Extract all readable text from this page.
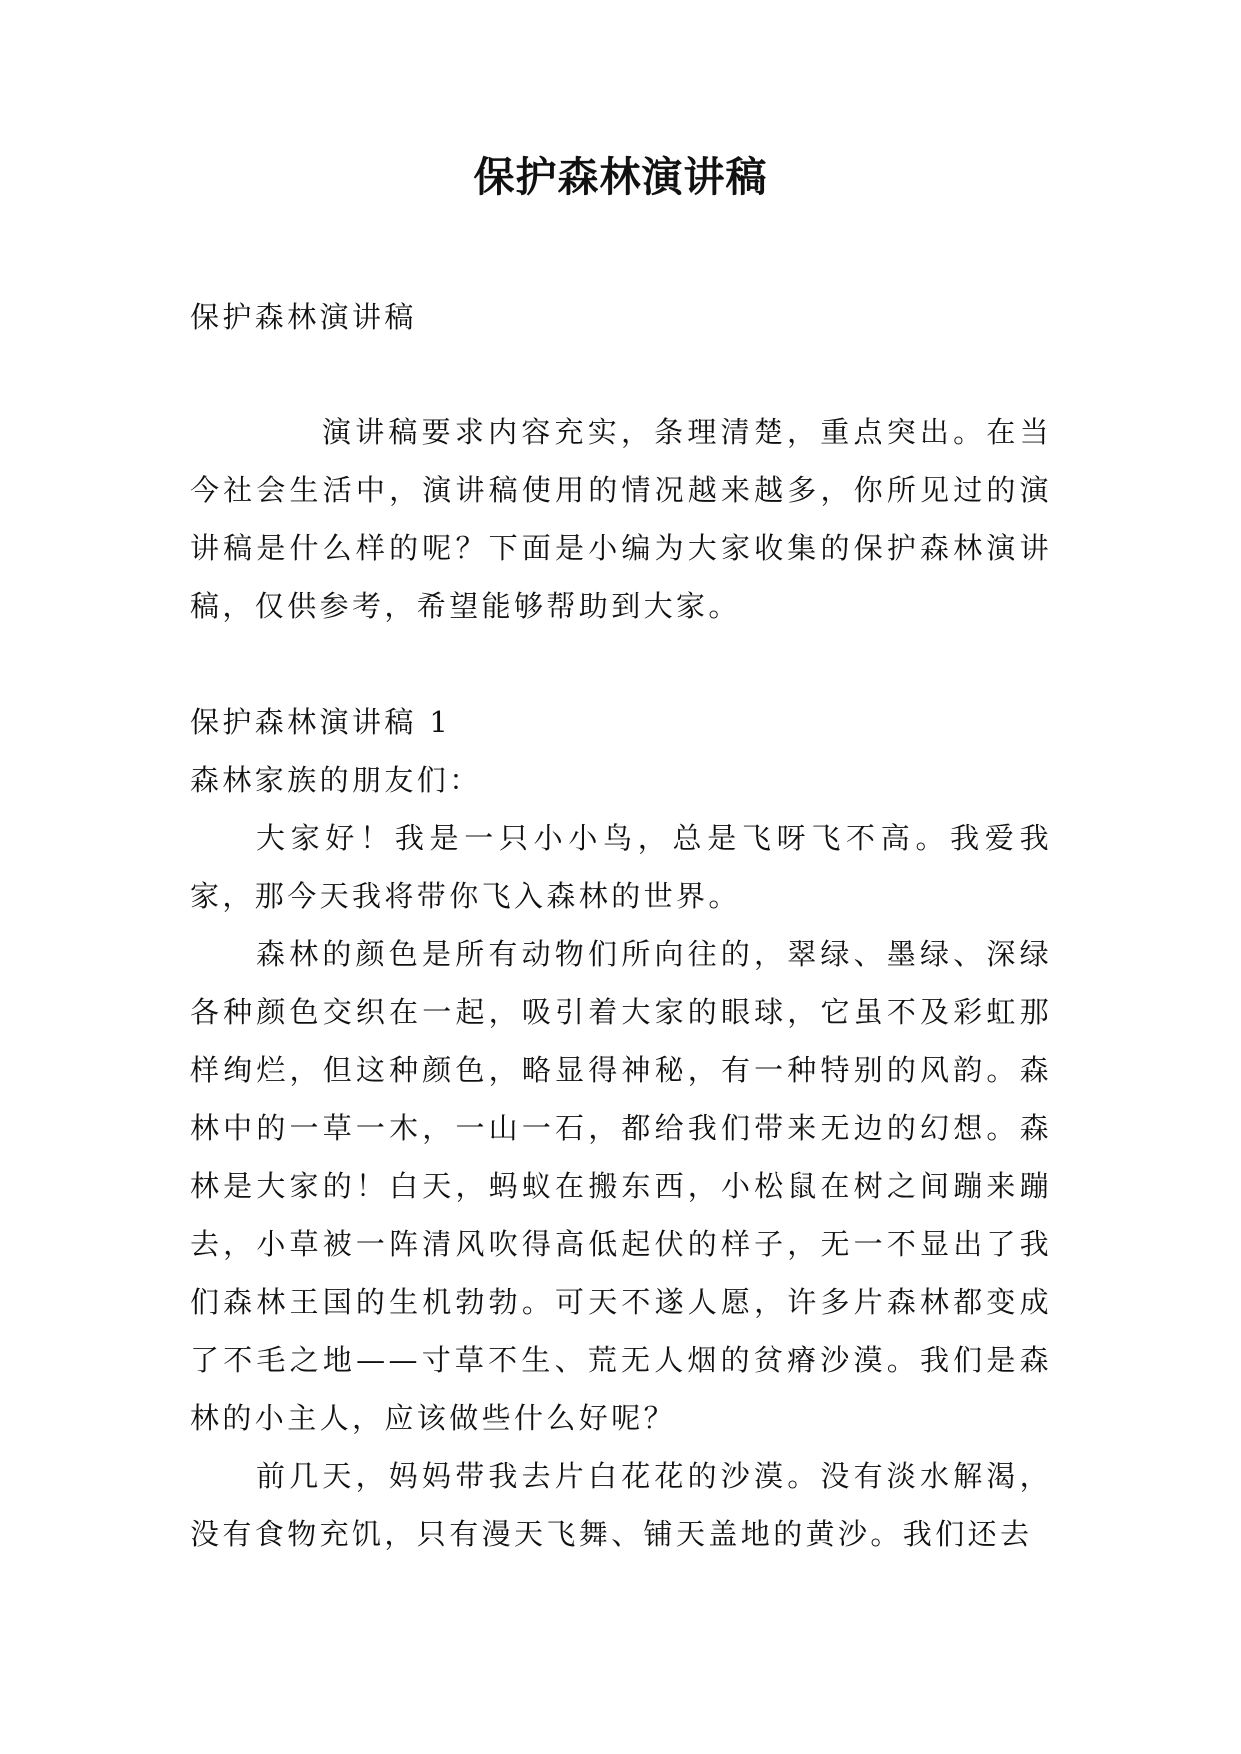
保护森林演讲稿
保护森林演讲稿
演讲稿要求内容充实，条理清楚，重点突出。在当今社会生活中，演讲稿使用的情况越来越多，你所见过的演讲稿是什么样的呢？下面是小编为大家收集的保护森林演讲稿，仅供参考，希望能够帮助到大家。
保护森林演讲稿 1
森林家族的朋友们：
大家好！我是一只小小鸟，总是飞呀飞不高。我爱我家，那今天我将带你飞入森林的世界。
森林的颜色是所有动物们所向往的，翠绿、墨绿、深绿各种颜色交织在一起，吸引着大家的眼球，它虽不及彩虹那样绚烂，但这种颜色，略显得神秘，有一种特别的风韵。森林中的一草一木，一山一石，都给我们带来无边的幻想。森林是大家的！白天，蚂蚁在搬东西，小松鼠在树之间蹦来蹦去，小草被一阵清风吹得高低起伏的样子，无一不显出了我们森林王国的生机勃勃。可天不遂人愿，许多片森林都变成了不毛之地——寸草不生、荒无人烟的贫瘠沙漠。我们是森林的小主人，应该做些什么好呢？
前几天，妈妈带我去片白花花的沙漠。没有淡水解渴，没有食物充饥，只有漫天飞舞、铺天盖地的黄沙。我们还去
